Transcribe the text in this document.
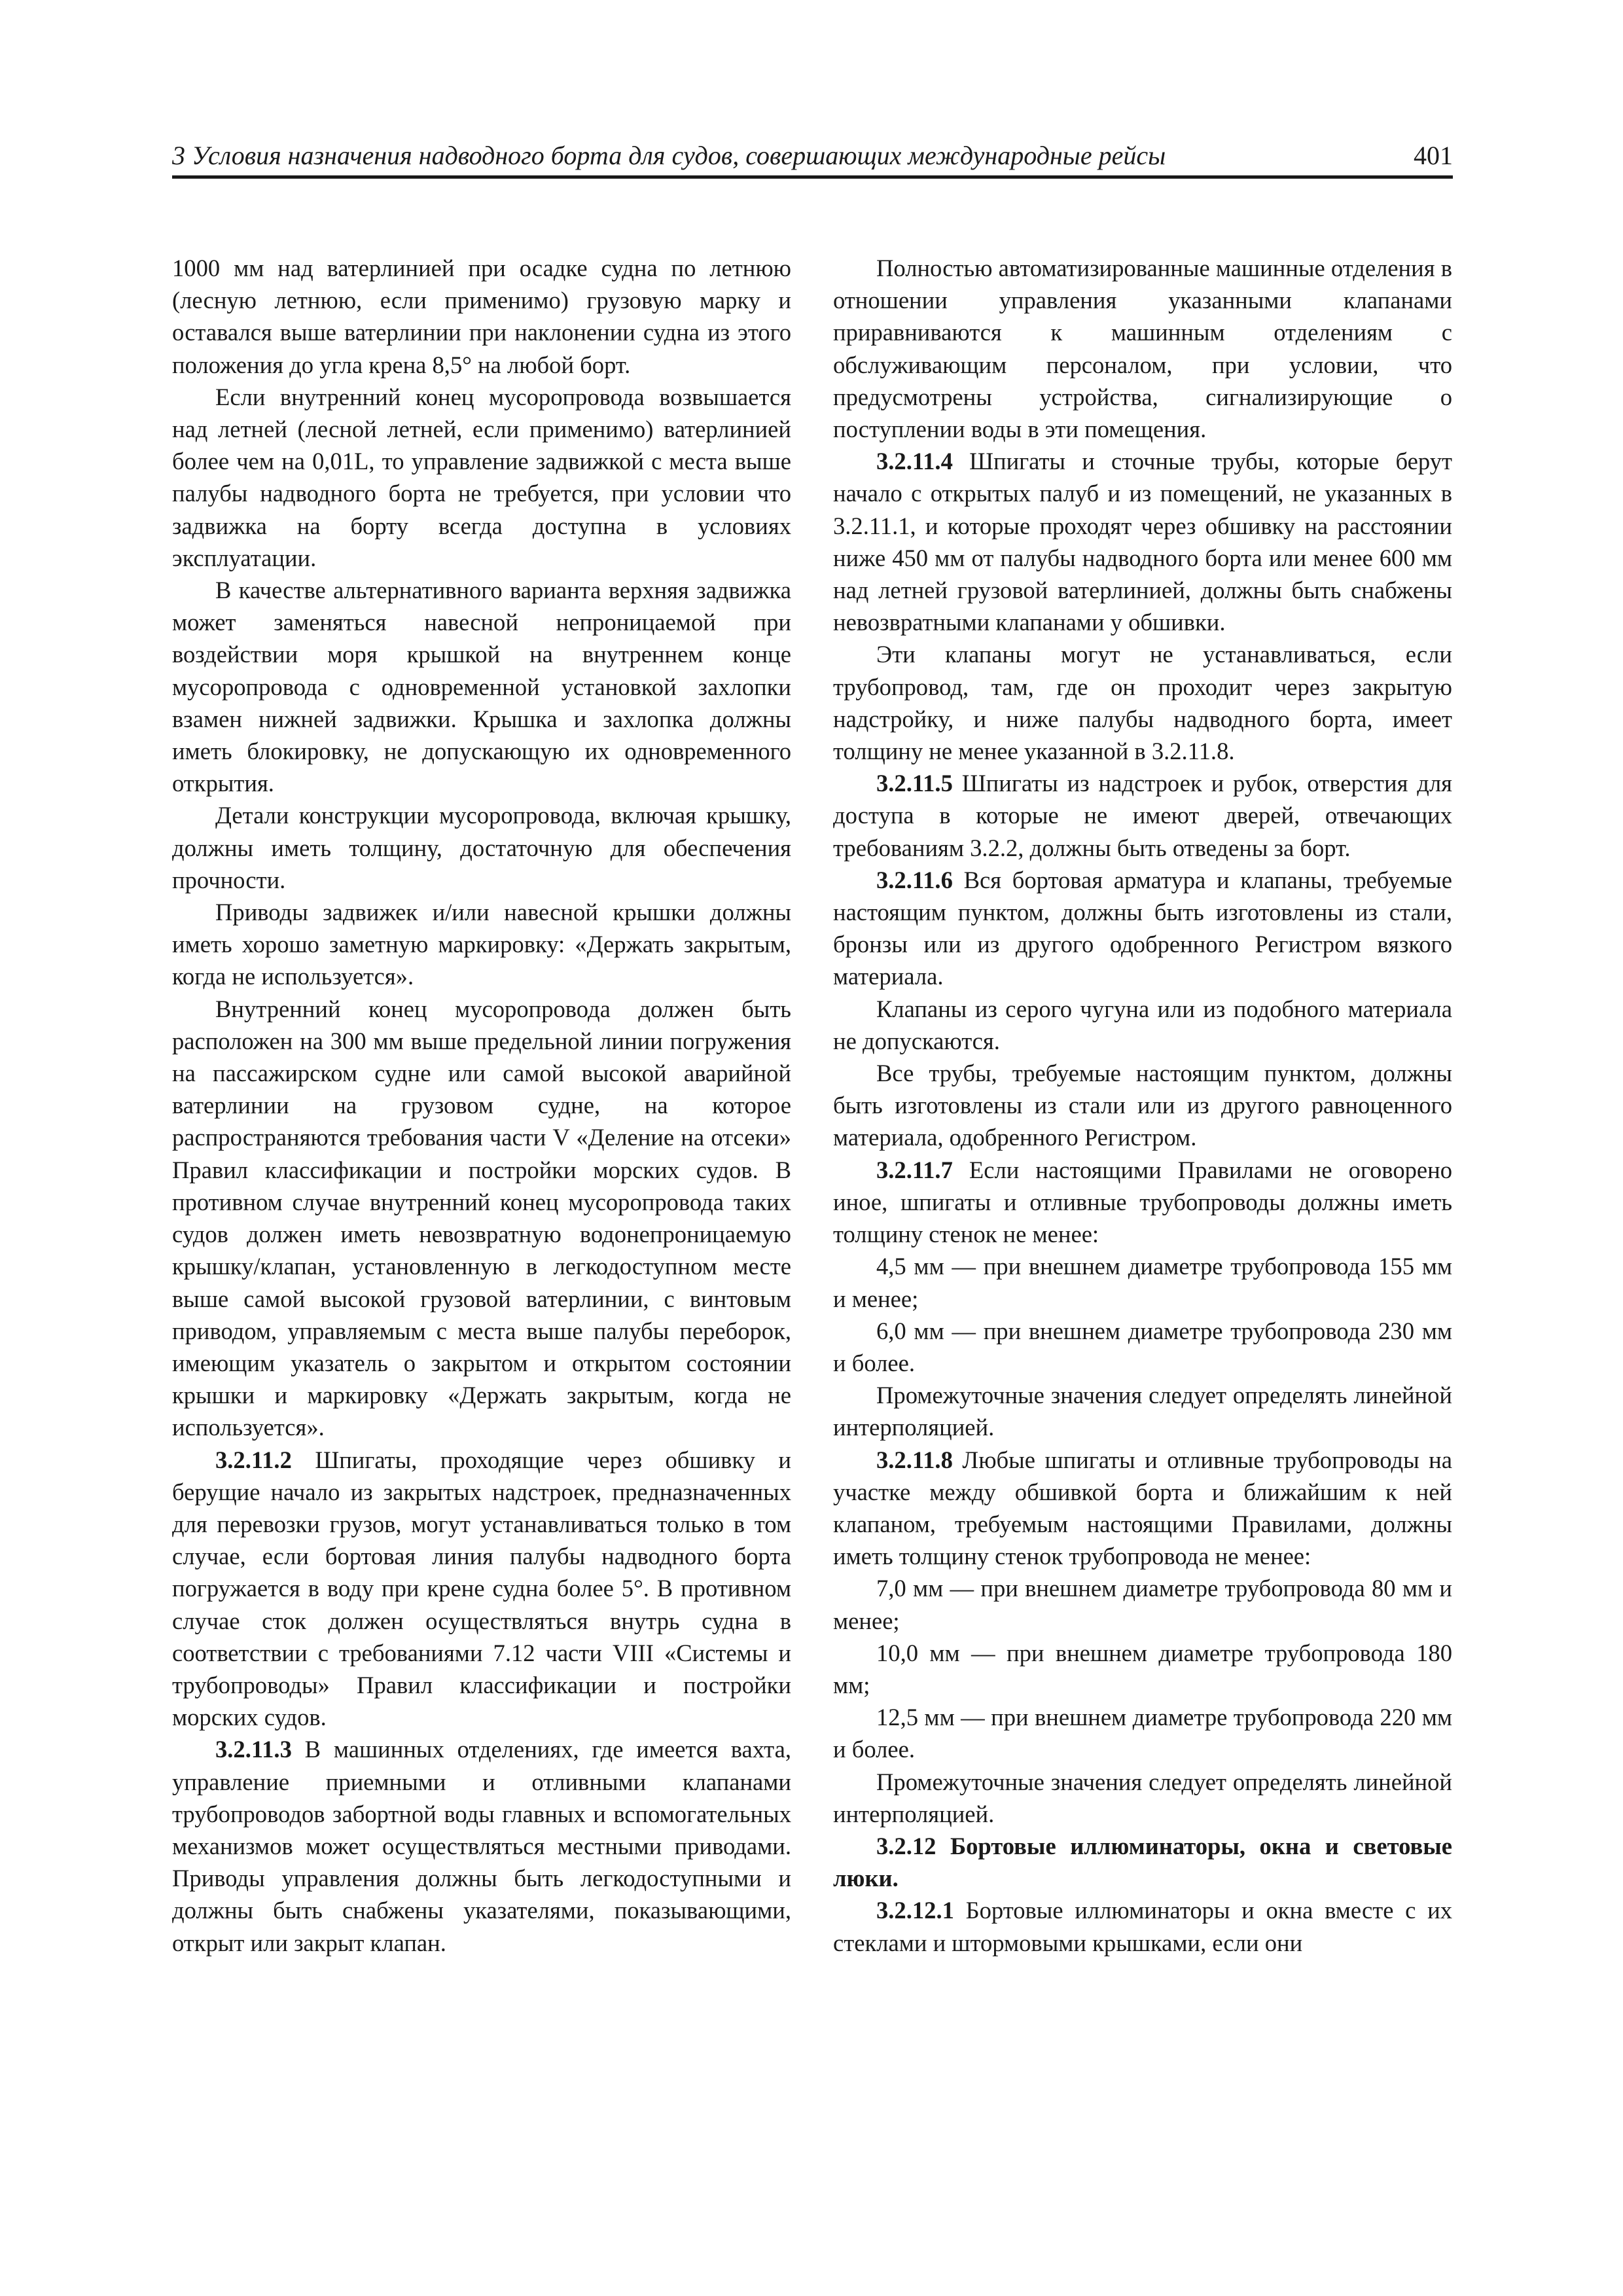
3 Условия назначения надводного борта для судов, совершающих международные рейсы	401

1000 мм над ватерлинией при осадке судна по летнюю (лесную летнюю, если применимо) грузовую марку и оставался выше ватерлинии при наклонении судна из этого положения до угла крена 8,5° на любой борт.

Если внутренний конец мусоропровода возвышается над летней (лесной летней, если применимо) ватерлинией более чем на 0,01L, то управление задвижкой с места выше палубы надводного борта не требуется, при условии что задвижка на борту всегда доступна в условиях эксплуатации.

В качестве альтернативного варианта верхняя задвижка может заменяться навесной непроницаемой при воздействии моря крышкой на внутреннем конце мусоропровода с одновременной установкой захлопки взамен нижней задвижки. Крышка и захлопка должны иметь блокировку, не допускающую их одновременного открытия.

Детали конструкции мусоропровода, включая крышку, должны иметь толщину, достаточную для обеспечения прочности.

Приводы задвижек и/или навесной крышки должны иметь хорошо заметную маркировку: «Держать закрытым, когда не используется».

Внутренний конец мусоропровода должен быть расположен на 300 мм выше предельной линии погружения на пассажирском судне или самой высокой аварийной ватерлинии на грузовом судне, на которое распространяются требования части V «Деление на отсеки» Правил классификации и постройки морских судов. В противном случае внутренний конец мусоропровода таких судов должен иметь невозвратную водонепроницаемую крышку/клапан, установленную в легкодоступном месте выше самой высокой грузовой ватерлинии, с винтовым приводом, управляемым с места выше палубы переборок, имеющим указатель о закрытом и открытом состоянии крышки и маркировку «Держать закрытым, когда не используется».

3.2.11.2 Шпигаты, проходящие через обшивку и берущие начало из закрытых надстроек, предназначенных для перевозки грузов, могут устанавливаться только в том случае, если бортовая линия палубы надводного борта погружается в воду при крене судна более 5°. В противном случае сток должен осуществляться внутрь судна в соответствии с требованиями 7.12 части VIII «Системы и трубопроводы» Правил классификации и постройки морских судов.

3.2.11.3 В машинных отделениях, где имеется вахта, управление приемными и отливными клапанами трубопроводов забортной воды главных и вспомогательных механизмов может осуществляться местными приводами. Приводы управления должны быть легкодоступными и должны быть снабжены указателями, показывающими, открыт или закрыт клапан.

Полностью автоматизированные машинные отделения в отношении управления указанными клапанами приравниваются к машинным отделениям с обслуживающим персоналом, при условии, что предусмотрены устройства, сигнализирующие о поступлении воды в эти помещения.

3.2.11.4 Шпигаты и сточные трубы, которые берут начало с открытых палуб и из помещений, не указанных в 3.2.11.1, и которые проходят через обшивку на расстоянии ниже 450 мм от палубы надводного борта или менее 600 мм над летней грузовой ватерлинией, должны быть снабжены невозвратными клапанами у обшивки.

Эти клапаны могут не устанавливаться, если трубопровод, там, где он проходит через закрытую надстройку, и ниже палубы надводного борта, имеет толщину не менее указанной в 3.2.11.8.

3.2.11.5 Шпигаты из надстроек и рубок, отверстия для доступа в которые не имеют дверей, отвечающих требованиям 3.2.2, должны быть отведены за борт.

3.2.11.6 Вся бортовая арматура и клапаны, требуемые настоящим пунктом, должны быть изготовлены из стали, бронзы или из другого одобренного Регистром вязкого материала.

Клапаны из серого чугуна или из подобного материала не допускаются.

Все трубы, требуемые настоящим пунктом, должны быть изготовлены из стали или из другого равноценного материала, одобренного Регистром.

3.2.11.7 Если настоящими Правилами не оговорено иное, шпигаты и отливные трубопроводы должны иметь толщину стенок не менее:

4,5 мм — при внешнем диаметре трубопровода 155 мм и менее;

6,0 мм — при внешнем диаметре трубопровода 230 мм и более.

Промежуточные значения следует определять линейной интерполяцией.

3.2.11.8 Любые шпигаты и отливные трубопроводы на участке между обшивкой борта и ближайшим к ней клапаном, требуемым настоящими Правилами, должны иметь толщину стенок трубопровода не менее:

7,0 мм — при внешнем диаметре трубопровода 80 мм и менее;

10,0 мм — при внешнем диаметре трубопровода 180 мм;

12,5 мм — при внешнем диаметре трубопровода 220 мм и более.

Промежуточные значения следует определять линейной интерполяцией.

3.2.12 Бортовые иллюминаторы, окна и световые люки.

3.2.12.1 Бортовые иллюминаторы и окна вместе с их стеклами и штормовыми крышками, если они
